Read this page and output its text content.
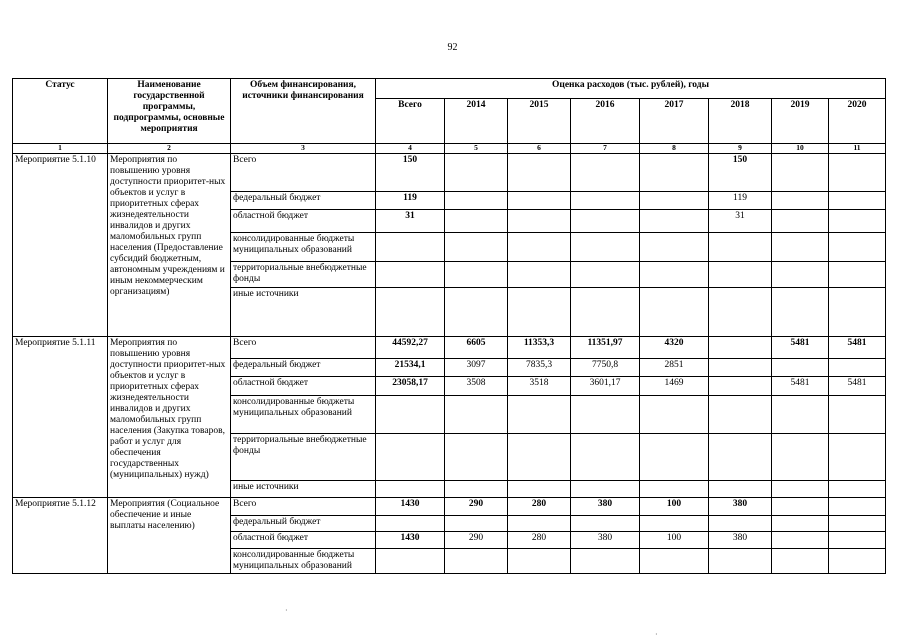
92
Статус	Наименование государственной программы, подпрограммы, основные мероприятия	Объем финансирования, источники финансирования	Оценка расходов (тыс. рублей), годы							
			Всего	2014	2015	2016	2017	2018	2019	2020
1	2	3	4	5	6	7	8	9	10	11
Мероприятие 5.1.10	Мероприятия по повышению уровня доступности приоритет-ных объектов и услуг в приоритетных сферах жизнедеятельности инвалидов и других маломобильных групп населения (Предоставление субсидий бюджетным, автономным учреждениям и иным некоммерческим организациям)	Всего	150					150		
		федеральный бюджет	119					119		
		областной бюджет	31					31		
		консолидированные бюджеты муниципальных образований								
		территориальные внебюджетные фонды								
		иные источники								
Мероприятие 5.1.11	Мероприятия по повышению уровня доступности приоритет-ных объектов и услуг в приоритетных сферах жизнедеятельности инвалидов и других маломобильных групп населения (Закупка товаров, работ и услуг для обеспечения государственных (муниципальных) нужд)	Всего	44592,27	6605	11353,3	11351,97	4320		5481	5481
		федеральный бюджет	21534,1	3097	7835,3	7750,8	2851			
		областной бюджет	23058,17	3508	3518	3601,17	1469		5481	5481
		консолидированные бюджеты муниципальных образований								
		территориальные внебюджетные фонды								
		иные источники								
Мероприятие 5.1.12	Мероприятия (Социальное обеспечение и иные выплаты населению)	Всего	1430	290	280	380	100	380		
		федеральный бюджет								
		областной бюджет	1430	290	280	380	100	380		
		консолидированные бюджеты муниципальных образований								
·
·
